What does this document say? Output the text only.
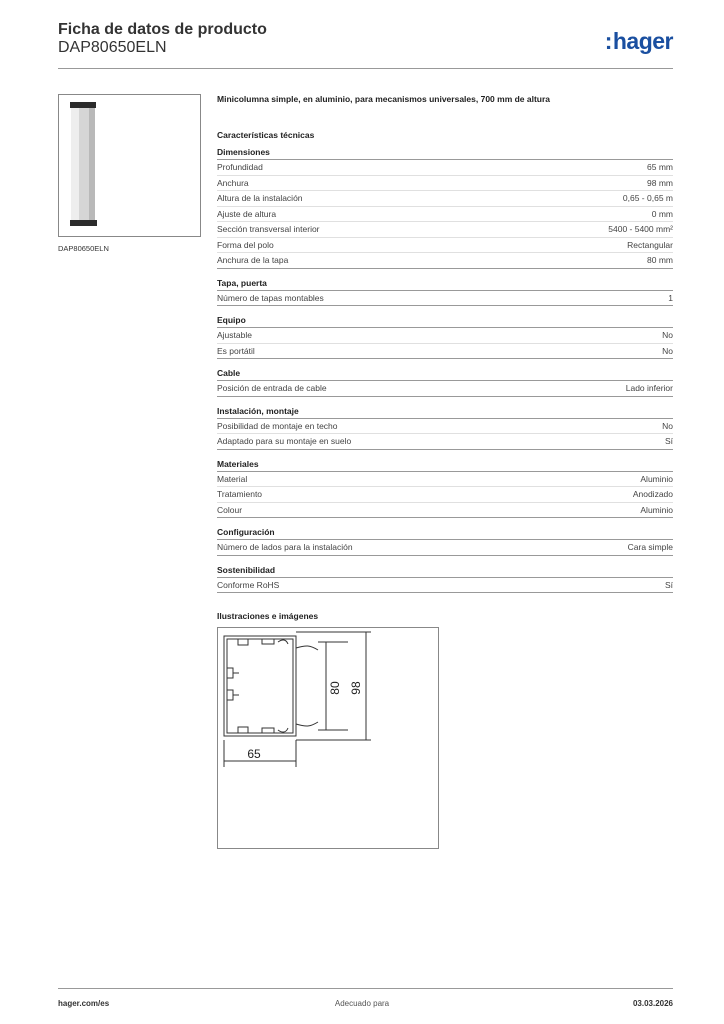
Ficha de datos de producto
DAP80650ELN	:hager
DAP80650ELN
Minicolumna simple, en aluminio, para mecanismos universales, 700 mm de altura
Características técnicas
Dimensiones
Profundidad	65 mm
Anchura	98 mm
Altura de la instalación	0,65 - 0,65 m
Ajuste de altura	0 mm
Sección transversal interior	5400 - 5400 mm²
Forma del polo	Rectangular
Anchura de la tapa	80 mm
Tapa, puerta
Número de tapas montables	1
Equipo
Ajustable	No
Es portátil	No
Cable
Posición de entrada de cable	Lado inferior
Instalación, montaje
Posibilidad de montaje en techo	No
Adaptado para su montaje en suelo	Sí
Materiales
Material	Aluminio
Tratamiento	Anodizado
Colour	Aluminio
Configuración
Número de lados para la instalación	Cara simple
Sostenibilidad
Conforme RoHS	Sí
Ilustraciones e imágenes
80 98
65
hager.com/es	Adecuado para	03.03.2026
